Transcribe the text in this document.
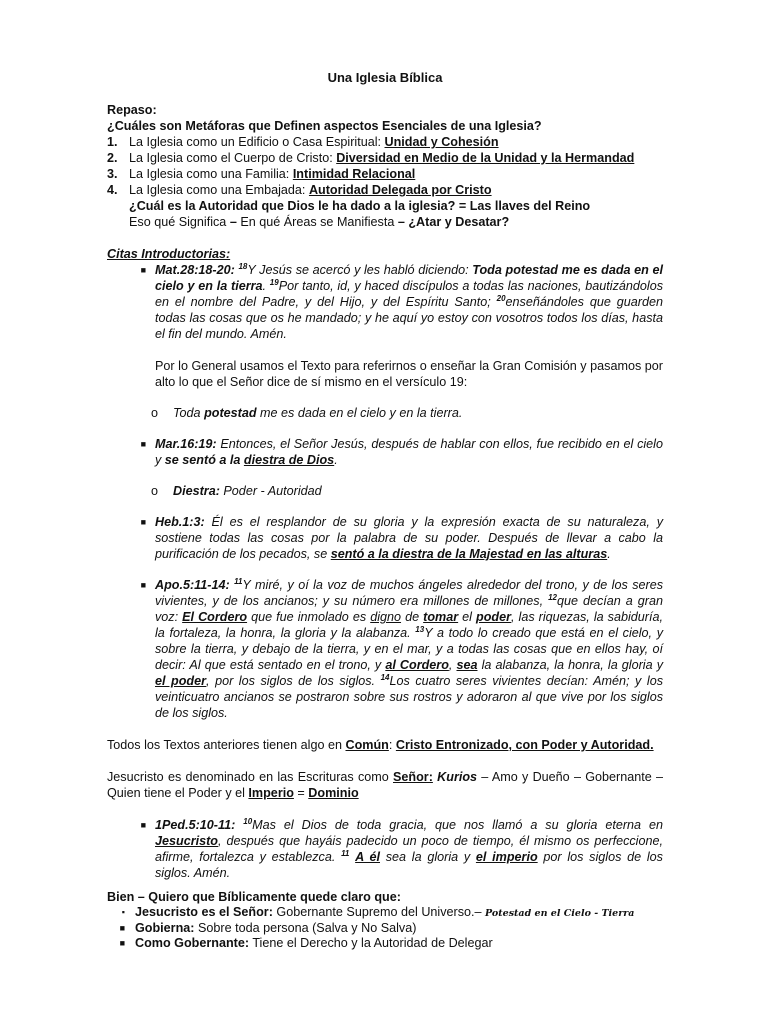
Una Iglesia Bíblica

Repaso:

¿Cuáles son Metáforas que Definen aspectos Esenciales de una Iglesia?

1. La Iglesia como un Edificio o Casa Espiritual: Unidad y Cohesión
2. La Iglesia como el Cuerpo de Cristo: Diversidad en Medio de la Unidad y la Hermandad
3. La Iglesia como una Familia: Intimidad Relacional
4. La Iglesia como una Embajada: Autoridad Delegada por Cristo

¿Cuál es la Autoridad que Dios le ha dado a la iglesia? = Las llaves del Reino

Eso qué Significa – En qué Áreas se Manifiesta – ¿Atar y Desatar?

Citas Introductorias:

■ Mat.28:18-20: $^{18}$Y Jesús se acercó y les habló diciendo: Toda potestad me es dada en el cielo y en la tierra. $^{19}$Por tanto, id, y haced discípulos a todas las naciones, bautizándolos en el nombre del Padre, y del Hijo, y del Espíritu Santo; $^{20}$enseñándoles que guarden todas las cosas que os he mandado; y he aquí yo estoy con vosotros todos los días, hasta el fin del mundo. Amén.

Por lo General usamos el Texto para referirnos o enseñar la Gran Comisión y pasamos por alto lo que el Señor dice de sí mismo en el versículo 19:

o	Toda potestad me es dada en el cielo y en la tierra.
■ Mar.16:19: Entonces, el Señor Jesús, después de hablar con ellos, fue recibido en el cielo y se sentó a la diestra de Dios.

o	Diestra: Poder - Autoridad
■ Heb.1:3: Él es el resplandor de su gloria y la expresión exacta de su naturaleza, y sostiene todas las cosas por la palabra de su poder. Después de llevar a cabo la purificación de los pecados, se sentó a la diestra de la Majestad en las alturas.

■ Apo.5:11-14: $^{11}$Y miré, y oí la voz de muchos ángeles alrededor del trono, y de los seres vivientes, y de los ancianos; y su número era millones de millones, $^{12}$que decían a gran voz: El Cordero que fue inmolado es digno de tomar el poder, las riquezas, la sabiduría, la fortaleza, la honra, la gloria y la alabanza. $^{13}$Y a todo lo creado que está en el cielo, y sobre la tierra, y debajo de la tierra, y en el mar, y a todas las cosas que en ellos hay, oí decir: Al que está sentado en el trono, y al Cordero, sea la alabanza, la honra, la gloria y el poder, por los siglos de los siglos. $^{14}$Los cuatro seres vivientes decían: Amén; y los veinticuatro ancianos se postraron sobre sus rostros y adoraron al que vive por los siglos de los siglos.

Todos los Textos anteriores tienen algo en Común: Cristo Entronizado, con Poder y Autoridad.

Jesucristo es denominado en las Escrituras como Señor: Kurios – Amo y Dueño – Gobernante – Quien tiene el Poder y el Imperio = Dominio

■ 1Ped.5:10-11: $^{10}$Mas el Dios de toda gracia, que nos llamó a su gloria eterna en Jesucristo, después que hayáis padecido un poco de tiempo, él mismo os perfeccione, afirme, fortalezca y establezca. $^{11}$ A él sea la gloria y el imperio por los siglos de los siglos. Amén.

Bien – Quiero que Bíblicamente quede claro que:

▪ Jesucristo es el Señor: Gobernante Supremo del Universo.– Potestad en el Cielo - Tierra
■ Gobierna: Sobre toda persona (Salva y No Salva)
■ Como Gobernante: Tiene el Derecho y la Autoridad de Delegar
